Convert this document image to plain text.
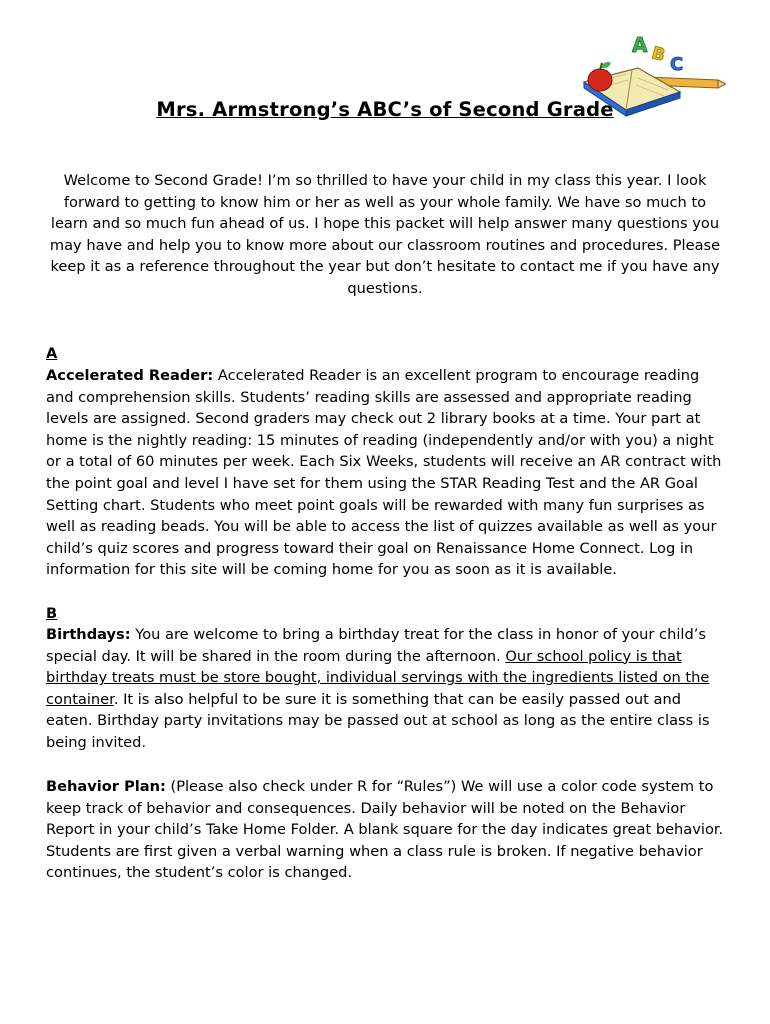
A B C
Mrs. Armstrong’s ABC’s of Second Grade
Welcome to Second Grade! I’m so thrilled to have your child in my class this year. I look forward to getting to know him or her as well as your whole family. We have so much to learn and so much fun ahead of us. I hope this packet will help answer many questions you may have and help you to know more about our classroom routines and procedures. Please keep it as a reference throughout the year but don’t hesitate to contact me if you have any questions.

A

Accelerated Reader: Accelerated Reader is an excellent program to encourage reading and comprehension skills. Students’ reading skills are assessed and appropriate reading levels are assigned. Second graders may check out 2 library books at a time. Your part at home is the nightly reading: 15 minutes of reading (independently and/or with you) a night or a total of 60 minutes per week. Each Six Weeks, students will receive an AR contract with the point goal and level I have set for them using the STAR Reading Test and the AR Goal Setting chart. Students who meet point goals will be rewarded with many fun surprises as well as reading beads. You will be able to access the list of quizzes available as well as your child’s quiz scores and progress toward their goal on Renaissance Home Connect. Log in information for this site will be coming home for you as soon as it is available.

B

Birthdays: You are welcome to bring a birthday treat for the class in honor of your child’s special day. It will be shared in the room during the afternoon. Our school policy is that birthday treats must be store bought, individual servings with the ingredients listed on the container. It is also helpful to be sure it is something that can be easily passed out and eaten. Birthday party invitations may be passed out at school as long as the entire class is being invited.

Behavior Plan: (Please also check under R for “Rules”) We will use a color code system to keep track of behavior and consequences. Daily behavior will be noted on the Behavior Report in your child’s Take Home Folder. A blank square for the day indicates great behavior. Students are first given a verbal warning when a class rule is broken. If negative behavior continues, the student’s color is changed.
